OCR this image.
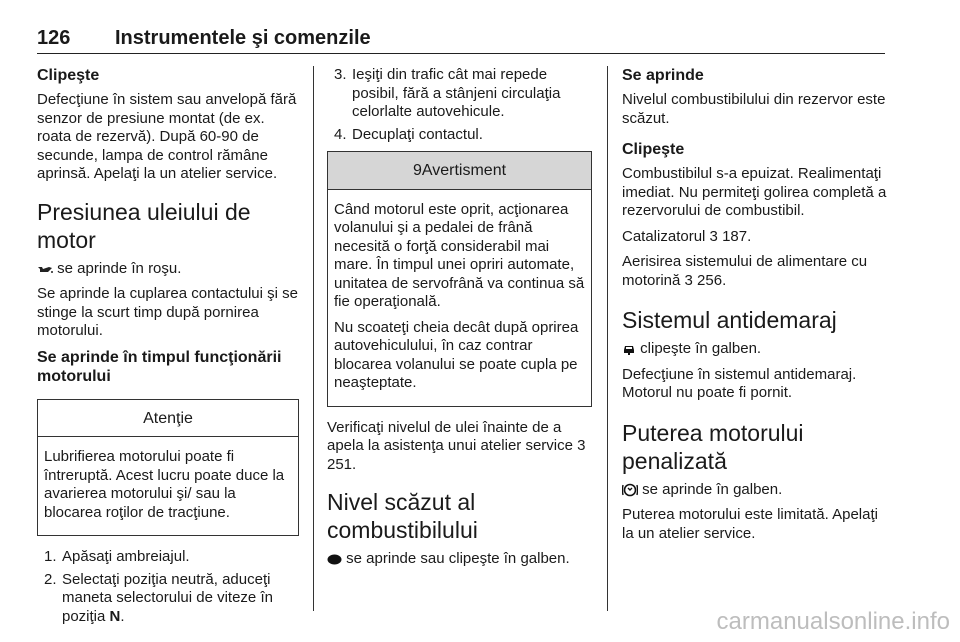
126 Instrumentele şi comenzile
Clipeşte

Defecţiune în sistem sau anvelopă fără senzor de presiune montat (de ex. roata de rezervă). După 60-90 de secunde, lampa de control rămâne aprinsă. Apelaţi la un atelier service.

Presiunea uleiului de motor

se aprinde în roşu.

Se aprinde la cuplarea contactului şi se stinge la scurt timp după pornirea motorului.

Se aprinde în timpul funcţionării motorului
Atenţie

Lubrifierea motorului poate fi întreruptă. Acest lucru poate duce la avarierea motorului şi/ sau la blocarea roţilor de tracţiune.

1. Apăsaţi ambreiajul.
2. Selectaţi poziţia neutră, aduceţi maneta selectorului de viteze în poziţia N.
3. Ieşiţi din trafic cât mai repede posibil, fără a stânjeni circulaţia celorlalte autovehicule.
4. Decuplaţi contactul.
9Avertisment

Când motorul este oprit, acţionarea volanului şi a pedalei de frână necesită o forţă considerabil mai mare. În timpul unei opriri automate, unitatea de servofrână va continua să fie operaţională.

Nu scoateţi cheia decât după oprirea autovehiculului, în caz contrar blocarea volanului se poate cupla pe neaşteptate.

Verificaţi nivelul de ulei înainte de a apela la asistenţa unui atelier service 3 251.

Nivel scăzut al combustibilului

se aprinde sau clipeşte în galben.

Se aprinde

Nivelul combustibilului din rezervor este scăzut.

Clipeşte

Combustibilul s-a epuizat. Realimentaţi imediat. Nu permiteţi golirea completă a rezervorului de combustibil.

Catalizatorul 3 187.

Aerisirea sistemului de alimentare cu motorină 3 256.

Sistemul antidemaraj

clipeşte în galben.

Defecţiune în sistemul antidemaraj. Motorul nu poate fi pornit.

Puterea motorului penalizată

se aprinde în galben.

Puterea motorului este limitată. Apelaţi la un atelier service.

carmanualsonline.info
